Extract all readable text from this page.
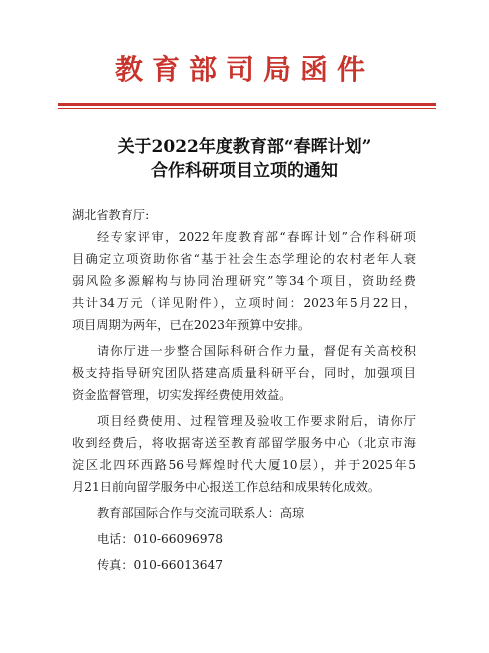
教育部司局函件
关于2022年度教育部“春晖计划”
合作科研项目立项的通知
湖北省教育厅:
经专家评审，2022年度教育部“春晖计划”合作科研项
目确定立项资助你省“基于社会生态学理论的农村老年人衰
弱风险多源解构与协同治理研究”等34个项目，资助经费
共计34万元（详见附件），立项时间：2023年5月22日，
项目周期为两年，已在2023年预算中安排。
请你厅进一步整合国际科研合作力量，督促有关高校积
极支持指导研究团队搭建高质量科研平台，同时，加强项目
资金监督管理，切实发挥经费使用效益。
项目经费使用、过程管理及验收工作要求附后，请你厅
收到经费后，将收据寄送至教育部留学服务中心（北京市海
淀区北四环西路56号辉煌时代大厦10层），并于2025年5
月21日前向留学服务中心报送工作总结和成果转化成效。
教育部国际合作与交流司联系人：高琼
电话：010-66096978
传真：010-66013647
